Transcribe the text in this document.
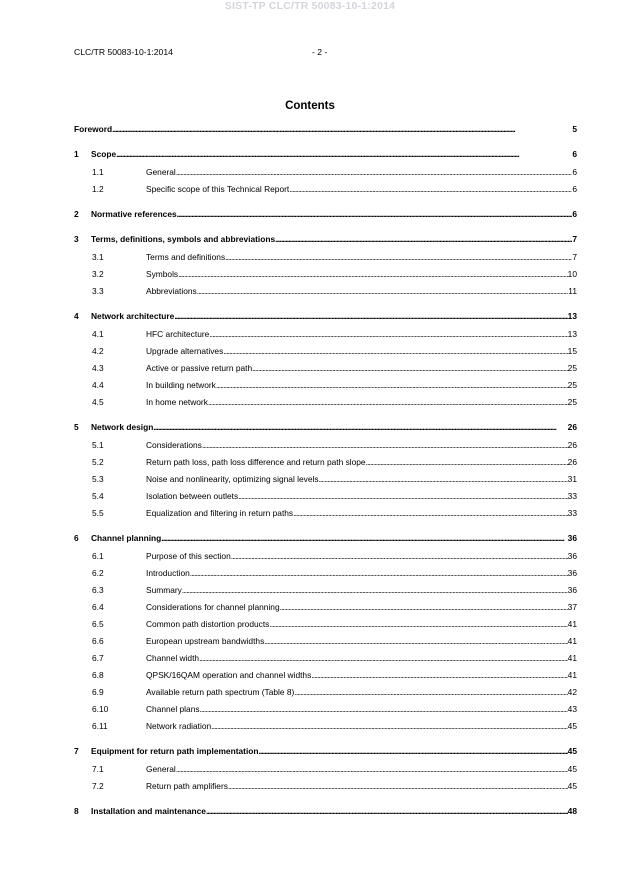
SIST-TP CLC/TR 50083-10-1:2014
CLC/TR 50083-10-1:2014	- 2 -
Contents
Foreword . . .	5
1	Scope . . .	6
1.1	General . . .	6
1.2	Specific scope of this Technical Report . . .	6
2	Normative references . . .	6
3	Terms, definitions, symbols and abbreviations . . .	7
3.1	Terms and definitions . . .	7
3.2	Symbols . . .	10
3.3	Abbreviations . . .	11
4	Network architecture . . .	13
4.1	HFC architecture . . .	13
4.2	Upgrade alternatives . . .	15
4.3	Active or passive return path . . .	25
4.4	In building network . . .	25
4.5	In home network . . .	25
5	Network design . . .	26
5.1	Considerations . . .	26
5.2	Return path loss, path loss difference and return path slope . . .	26
5.3	Noise and nonlinearity, optimizing signal levels . . .	31
5.4	Isolation between outlets . . .	33
5.5	Equalization and filtering in return paths . . .	33
6	Channel planning . . .	36
6.1	Purpose of this section . . .	36
6.2	Introduction . . .	36
6.3	Summary . . .	36
6.4	Considerations for channel planning . . .	37
6.5	Common path distortion products . . .	41
6.6	European upstream bandwidths . . .	41
6.7	Channel width . . .	41
6.8	QPSK/16QAM operation and channel widths . . .	41
6.9	Available return path spectrum (Table 8) . . .	42
6.10	Channel plans . . .	43
6.11	Network radiation . . .	45
7	Equipment for return path implementation . . .	45
7.1	General . . .	45
7.2	Return path amplifiers . . .	45
8	Installation and maintenance . . .	48
